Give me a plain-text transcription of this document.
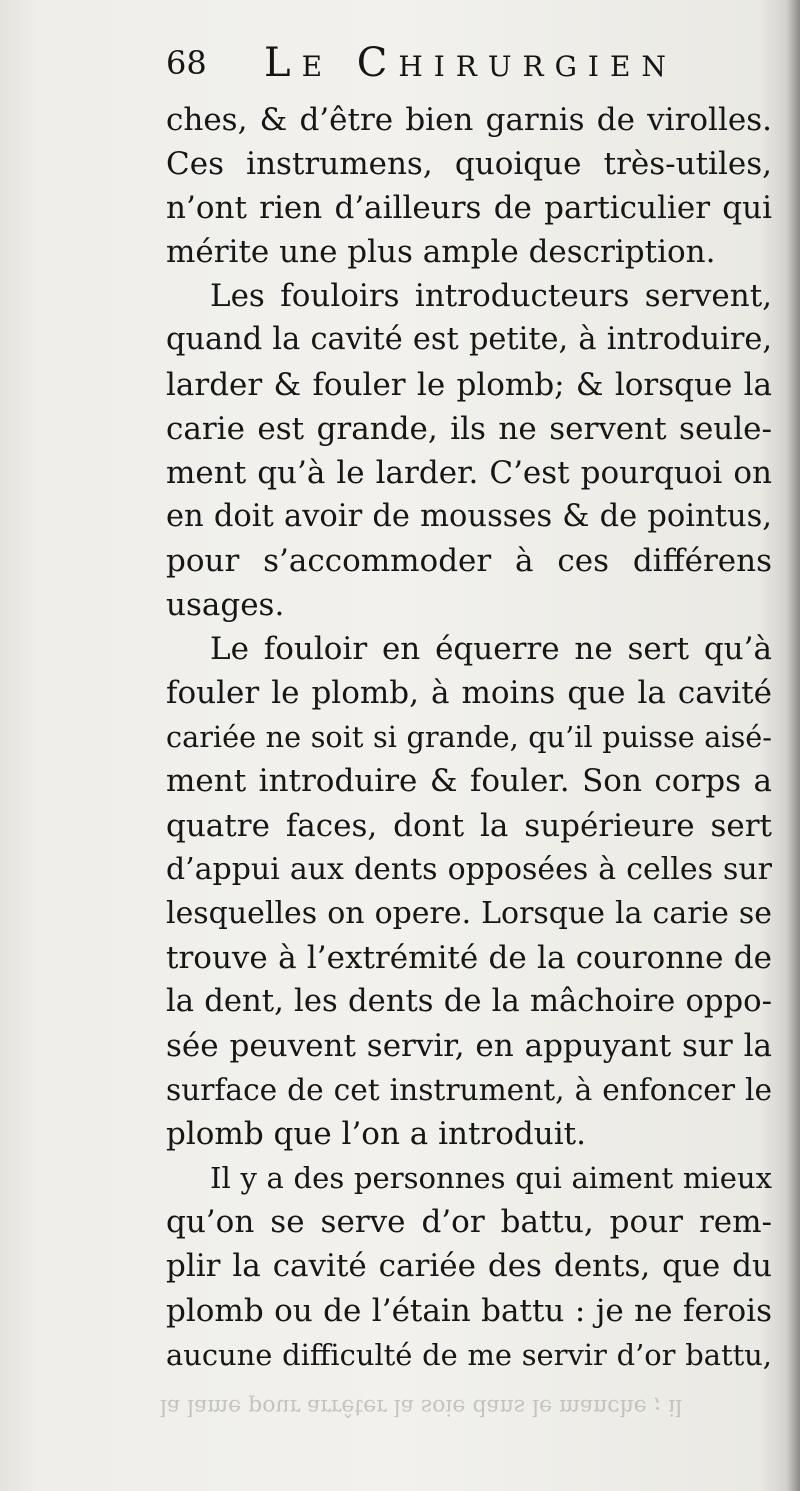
68 Le Chirurgien
ches, & d’être bien garnis de virolles.
Ces instrumens, quoique très-utiles,
n’ont rien d’ailleurs de particulier qui
mérite une plus ample description.
Les fouloirs introducteurs servent,
quand la cavité est petite, à introduire,
larder & fouler le plomb; & lorsque la
carie est grande, ils ne servent seule-
ment qu’à le larder. C’est pourquoi on
en doit avoir de mousses & de pointus,
pour s’accommoder à ces différens
usages.
Le fouloir en équerre ne sert qu’à
fouler le plomb, à moins que la cavité
cariée ne soit si grande, qu’il puisse aisé-
ment introduire & fouler. Son corps a
quatre faces, dont la supérieure sert
d’appui aux dents opposées à celles sur
lesquelles on opere. Lorsque la carie se
trouve à l’extrémité de la couronne de
la dent, les dents de la mâchoire oppo-
sée peuvent servir, en appuyant sur la
surface de cet instrument, à enfoncer le
plomb que l’on a introduit.
Il y a des personnes qui aiment mieux
qu’on se serve d’or battu, pour rem-
plir la cavité cariée des dents, que du
plomb ou de l’étain battu : je ne ferois
aucune difficulté de me servir d’or battu,
la lame pour arrêter la soie dans le manche ; il
